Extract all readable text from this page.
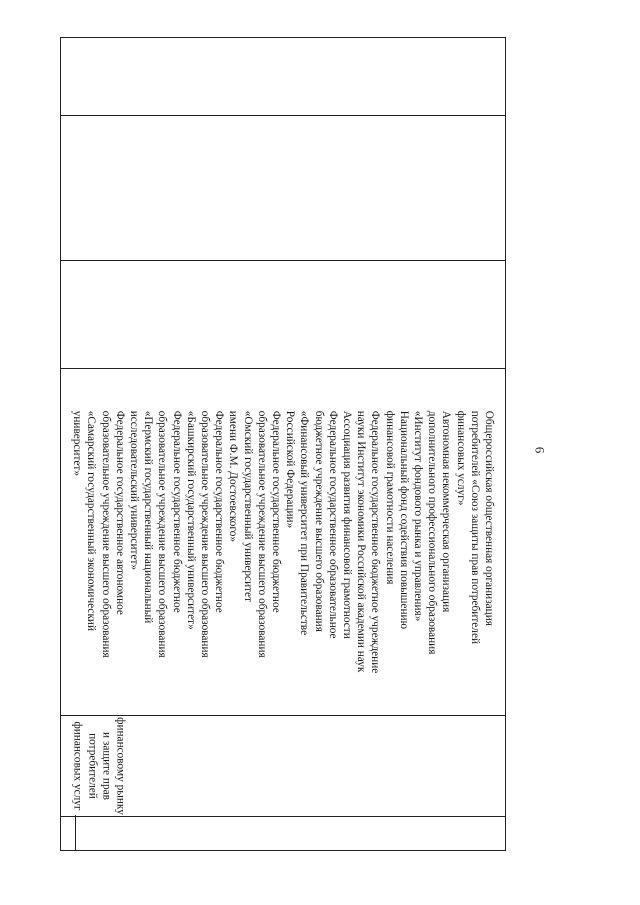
6
Общероссийская общественная организация
потребителей «Союз защиты прав потребителей
финансовых услуг»
Автономная некоммерческая организация
дополнительного профессионального образования
«Институт фондового рынка и управления»
Национальный фонд содействия повышению
финансовой грамотности населения
Федеральное государственное бюджетное учреждение
науки Институт экономики Российской академии наук
Ассоциация развития финансовой грамотности
Федеральное государственное образовательное
бюджетное учреждение высшего образования
«Финансовый университет при Правительстве
Российской Федерации»
Федеральное государственное бюджетное
образовательное учреждение высшего образования
«Омский государственный университет
имени Ф.М. Достоевского»
Федеральное государственное бюджетное
образовательное учреждение высшего образования
«Башкирский государственный университет»
Федеральное государственное бюджетное
образовательное учреждение высшего образования
«Пермский государственный национальный
исследовательский университет»
Федеральное государственное автономное
образовательное учреждение высшего образования
«Самарский государственный экономический
университет»
финансовому рынку
и защите прав
потребителей
финансовых услуг
